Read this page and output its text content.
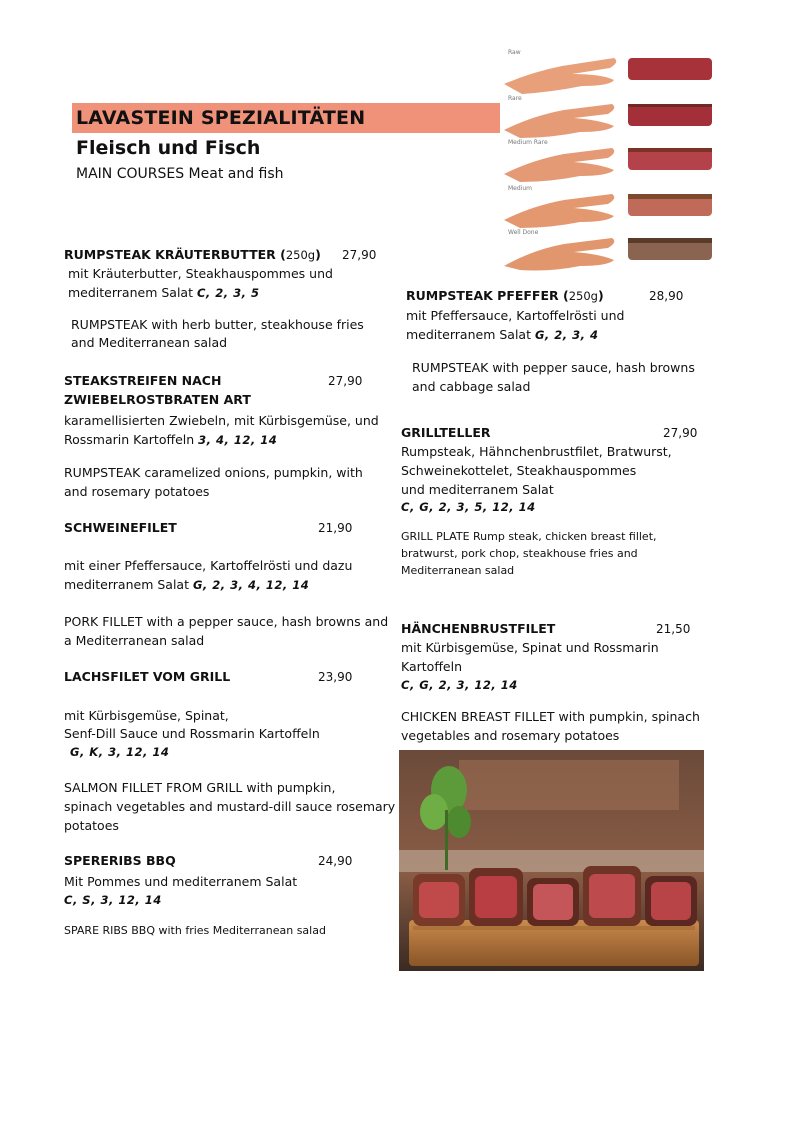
LAVASTEIN SPEZIALITÄTEN
Fleisch und Fisch
MAIN COURSES Meat and fish
Raw
Rare
Medium Rare
Medium
Well Done
RUMPSTEAK KRÄUTERBUTTER (250g) 27,90
mit Kräuterbutter, Steakhauspommes und
mediterranem Salat C, 2, 3, 5
RUMPSTEAK with herb butter, steakhouse fries
and Mediterranean salad
STEAKSTREIFEN NACH	27,90
ZWIEBELROSTBRATEN ART
karamellisierten Zwiebeln, mit Kürbisgemüse, und
Rossmarin Kartoffeln 3, 4, 12, 14
RUMPSTEAK caramelized onions, pumpkin, with
and rosemary potatoes
SCHWEINEFILET	21,90
mit einer Pfeffersauce, Kartoffelrösti und dazu
mediterranem Salat G, 2, 3, 4, 12, 14
PORK FILLET with a pepper sauce, hash browns and
a Mediterranean salad
LACHSFILET VOM GRILL	23,90
mit Kürbisgemüse, Spinat,
Senf-Dill Sauce und Rossmarin Kartoffeln
G, K, 3, 12, 14
SALMON FILLET FROM GRILL with pumpkin,
spinach vegetables and mustard-dill sauce rosemary
potatoes
SPERERIBS BBQ	24,90
Mit Pommes und mediterranem Salat
C, S, 3, 12, 14
SPARE RIBS BBQ with fries Mediterranean salad
RUMPSTEAK PFEFFER (250g)	28,90
mit Pfeffersauce, Kartoffelrösti und
mediterranem Salat G, 2, 3, 4
RUMPSTEAK with pepper sauce, hash browns
and cabbage salad
GRILLTELLER	27,90
Rumpsteak, Hähnchenbrustfilet, Bratwurst,
Schweinekottelet, Steakhauspommes
und mediterranem Salat
C, G, 2, 3, 5, 12, 14
GRILL PLATE Rump steak, chicken breast fillet,
bratwurst, pork chop, steakhouse fries and
Mediterranean salad
HÄNCHENBRUSTFILET	21,50
mit Kürbisgemüse, Spinat und Rossmarin
Kartoffeln
C, G, 2, 3, 12, 14
CHICKEN BREAST FILLET with pumpkin, spinach
vegetables and rosemary potatoes
